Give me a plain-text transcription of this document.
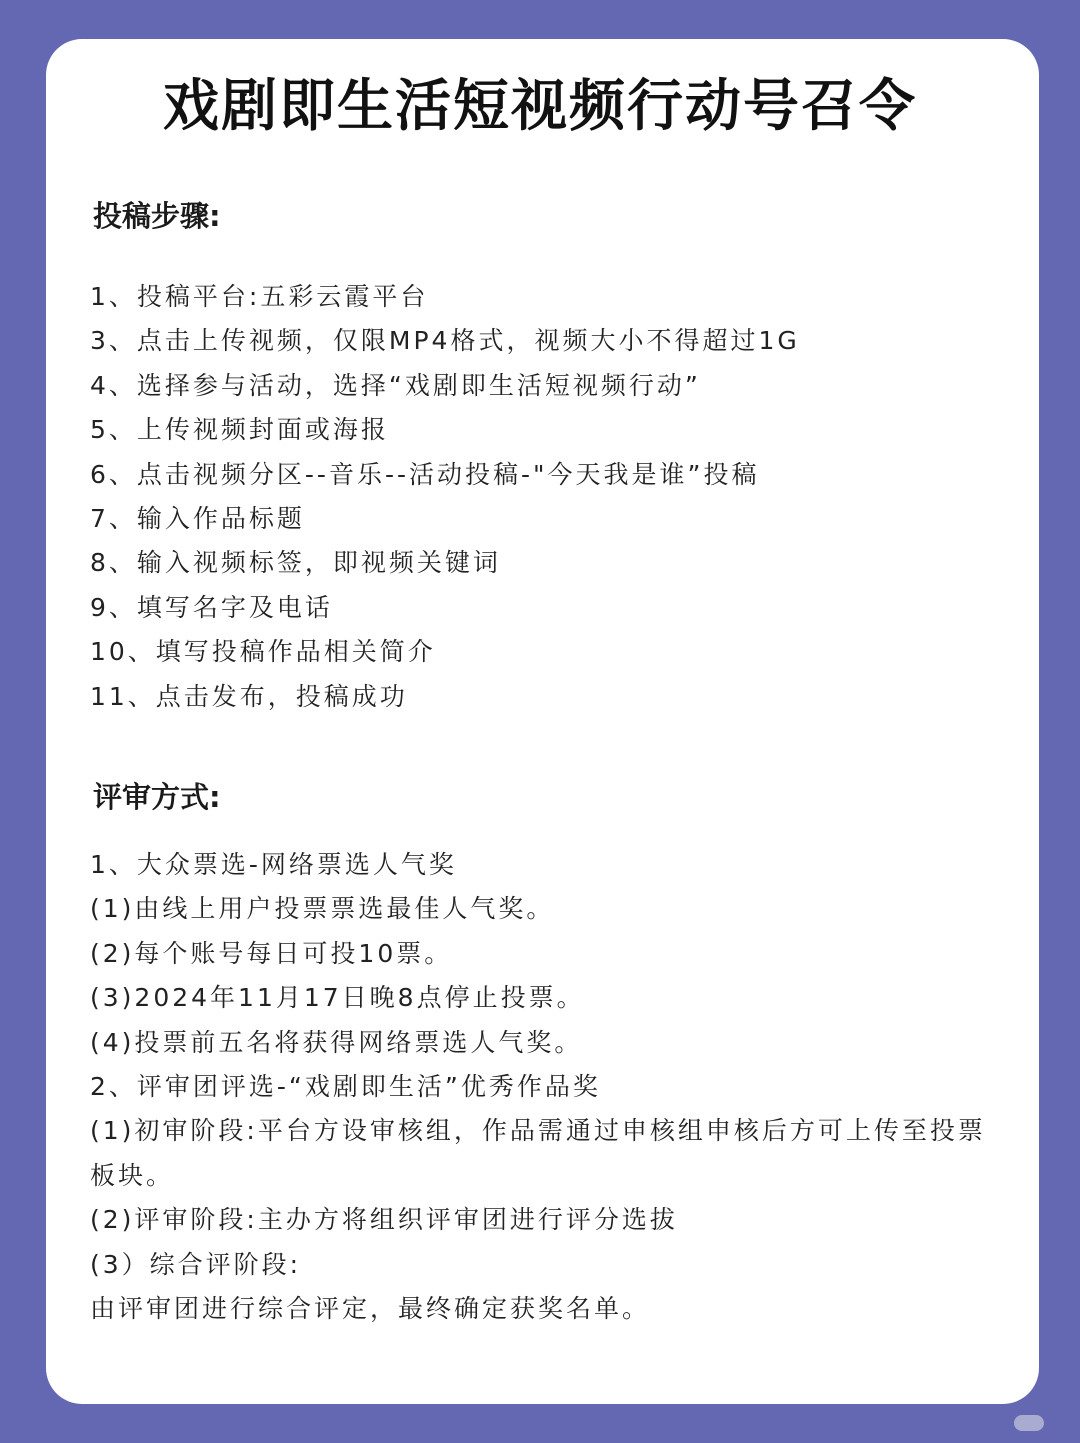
戏剧即生活短视频行动号召令
投稿步骤:
1、投稿平台:五彩云霞平台
3、点击上传视频，仅限MP4格式，视频大小不得超过1G
4、选择参与活动，选择“戏剧即生活短视频行动”
5、上传视频封面或海报
6、点击视频分区--音乐--活动投稿-"今天我是谁”投稿
7、输入作品标题
8、输入视频标签，即视频关键词
9、填写名字及电话
10、填写投稿作品相关简介
11、点击发布，投稿成功
评审方式:
1、大众票选-网络票选人气奖
(1)由线上用户投票票选最佳人气奖。
(2)每个账号每日可投10票。
(3)2024年11月17日晚8点停止投票。
(4)投票前五名将获得网络票选人气奖。
2、评审团评选-“戏剧即生活”优秀作品奖
(1)初审阶段:平台方设审核组，作品需通过申核组申核后方可上传至投票板块。
(2)评审阶段:主办方将组织评审团进行评分选拔
(3）综合评阶段:
由评审团进行综合评定，最终确定获奖名单。
